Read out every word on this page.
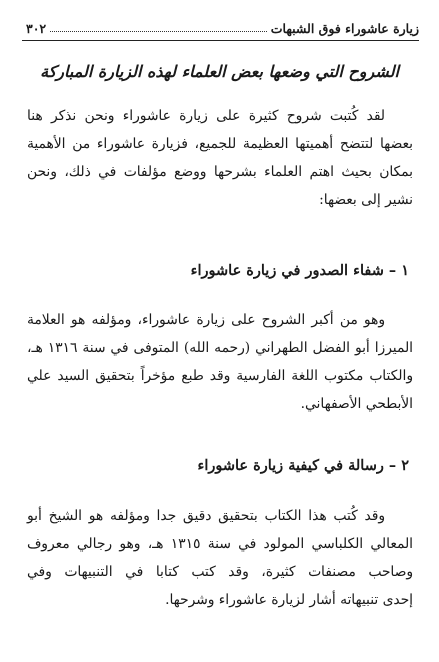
زيارة عاشوراء فوق الشبهات
٣٠٢
الشروح التي وضعها بعض العلماء لهذه الزيارة المباركة
لقد كُتبت شروح كثيرة على زيارة عاشوراء ونحن نذكر هنا
بعضها لتتضح أهميتها العظيمة للجميع، فزيارة عاشوراء من الأهمية
بمكان بحيث اهتم العلماء بشرحها ووضع مؤلفات في ذلك، ونحن
نشير إلى بعضها:
١ – شفاء الصدور في زيارة عاشوراء
وهو من أكبر الشروح على زيارة عاشوراء، ومؤلفه هو العلامة
الميرزا أبو الفضل الطهراني (رحمه الله) المتوفى في سنة ١٣١٦ هـ،
والكتاب مكتوب اللغة الفارسية وقد طبع مؤخراً بتحقيق السيد علي
الأبطحي الأصفهاني.
٢ – رسالة في كيفية زيارة عاشوراء
وقد كُتب هذا الكتاب بتحقيق دقيق جدا ومؤلفه هو الشيخ أبو
المعالي الكلباسي المولود في سنة ١٣١٥ هـ، وهو رجالي معروف
وصاحب مصنفات كثيرة، وقد كتب كتابا في التنبيهات وفي
إحدى تنبيهاته أشار لزيارة عاشوراء وشرحها.
